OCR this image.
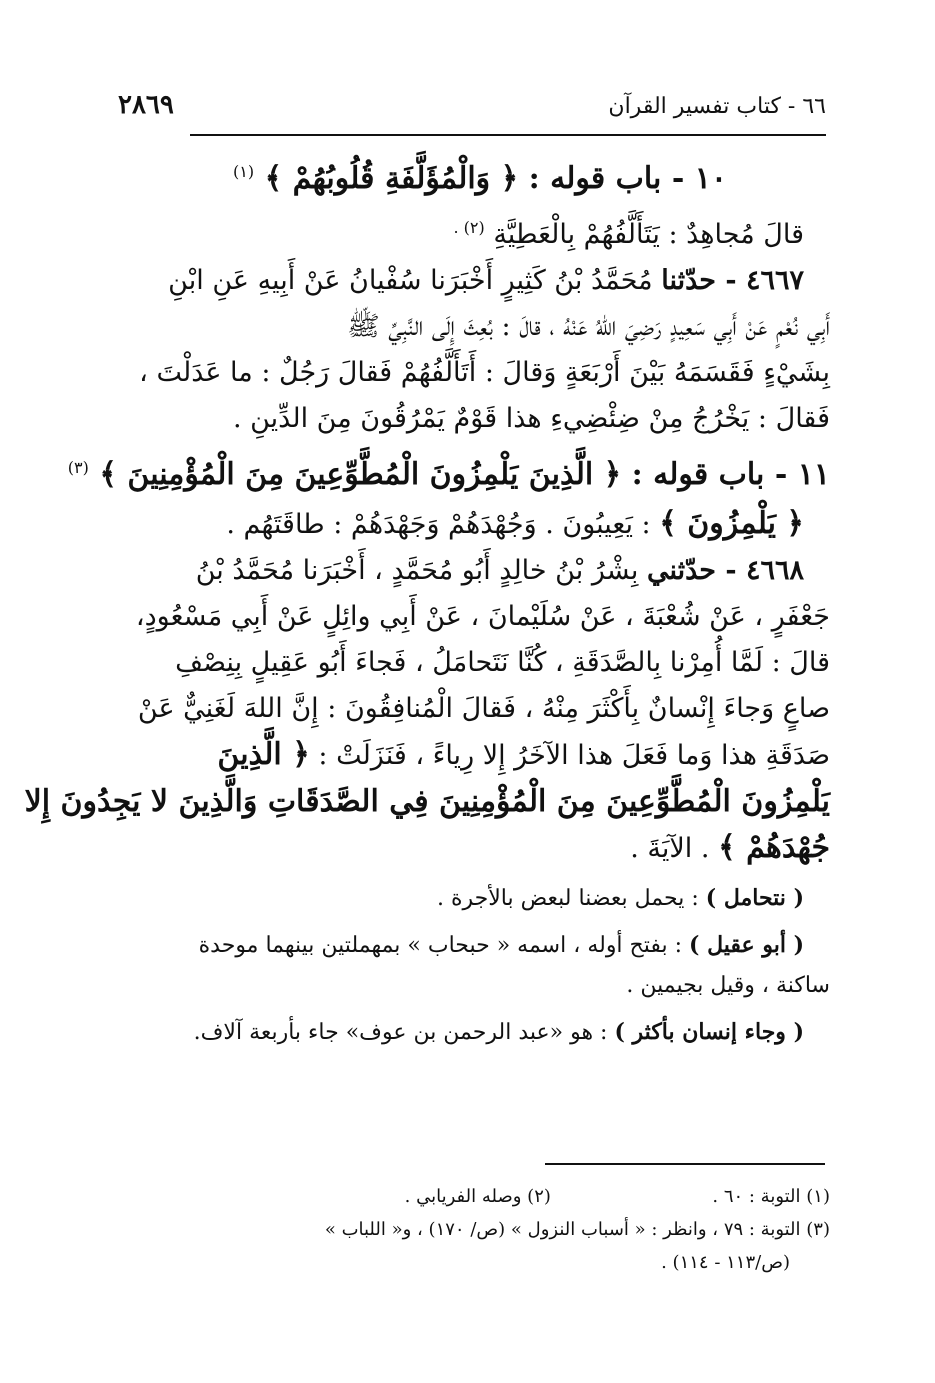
٦٦ - كتاب تفسير القرآن
٢٨٦٩
١٠ - باب قوله : ﴿ وَالْمُؤَلَّفَةِ قُلُوبُهُمْ ﴾ $^{(١)}$
قالَ مُجاهِدٌ : يَتَأَلَّفُهُمْ بِالْعَطِيَّةِ $^{(٢) .}$
٤٦٦٧ - حدّثنا مُحَمَّدُ بْنُ كَثِيرٍ أَخْبَرَنا سُفْيانُ عَنْ أَبِيهِ عَنِ ابْنِ
أَبِي نُعْمٍ عَنْ أَبِي سَعِيدٍ رَضِيَ اللهُ عَنْهُ ، قالَ : بُعِثَ إِلَى النَّبِيِّ ﷺ
بِشَيْءٍ فَقَسَمَهُ بَيْنَ أَرْبَعَةٍ وَقالَ : أَتَأَلَّفُهُمْ فَقالَ رَجُلٌ : ما عَدَلْتَ ،
فَقالَ : يَخْرُجُ مِنْ ضِئْضِيءِ هذا قَوْمٌ يَمْرُقُونَ مِنَ الدِّينِ .
١١ - باب قوله : ﴿ الَّذِينَ يَلْمِزُونَ الْمُطَّوِّعِينَ مِنَ الْمُؤْمِنِينَ ﴾ $^{(٣)}$
﴿ يَلْمِزُونَ ﴾ : يَعِيبُونَ . وَجُهْدَهُمْ وَجَهْدَهُمْ : طاقَتَهُم .
٤٦٦٨ - حدّثني بِشْرُ بْنُ خالِدٍ أَبُو مُحَمَّدٍ ، أَخْبَرَنا مُحَمَّدُ بْنُ
جَعْفَرٍ ، عَنْ شُعْبَةَ ، عَنْ سُلَيْمانَ ، عَنْ أَبِي وائِلٍ عَنْ أَبِي مَسْعُودٍ،
قالَ : لَمَّا أُمِرْنا بِالصَّدَقَةِ ، كُنَّا نَتَحامَلُ ، فَجاءَ أَبُو عَقِيلٍ بِنِصْفِ
صاعٍ وَجاءَ إِنْسانٌ بِأَكْثَرَ مِنْهُ ، فَقالَ الْمُنافِقُونَ : إِنَّ اللهَ لَغَنِيٌّ عَنْ
صَدَقَةِ هذا وَما فَعَلَ هذا الآخَرُ إِلا رِياءً ، فَنَزَلَتْ : ﴿ الَّذِينَ
يَلْمِزُونَ الْمُطَّوِّعِينَ مِنَ الْمُؤْمِنِينَ فِي الصَّدَقَاتِ وَالَّذِينَ لا يَجِدُونَ إِلا
جُهْدَهُمْ ﴾ . الآيَةَ .
( نتحامل ) : يحمل بعضنا لبعض بالأجرة .
( أبو عقيل ) : بفتح أوله ، اسمه « حبحاب » بمهملتين بينهما موحدة
ساكنة ، وقيل بجيمين .
( وجاء إنسان بأكثر ) : هو «عبد الرحمن بن عوف» جاء بأربعة آلاف.
(١) التوبة : ٦٠ .  (٢) وصله الفريابي .
(٣) التوبة : ٧٩ ، وانظر : « أسباب النزول » (ص/ ١٧٠) ، و« اللباب »
(ص/١١٣ - ١١٤) .
